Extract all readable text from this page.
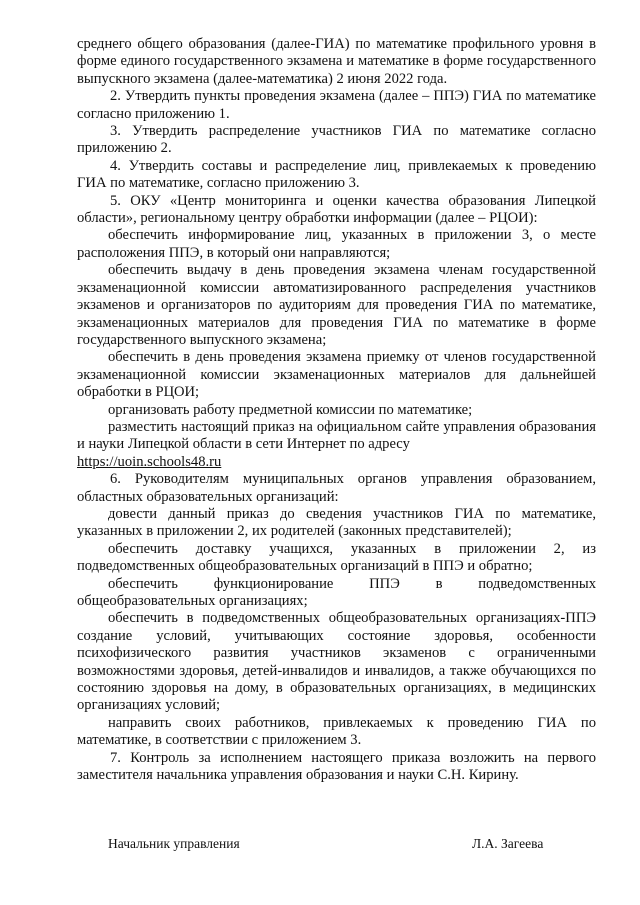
среднего общего образования (далее-ГИА) по математике профильного уровня в форме единого государственного экзамена и математике в форме государственного выпускного экзамена (далее-математика) 2 июня 2022 года.

2. Утвердить пункты проведения экзамена (далее – ППЭ) ГИА по математике согласно приложению 1.

3. Утвердить распределение участников ГИА по математике согласно приложению 2.

4. Утвердить составы и распределение лиц, привлекаемых к проведению ГИА по математике, согласно приложению 3.

5. ОКУ «Центр мониторинга и оценки качества образования Липецкой области», региональному центру обработки информации (далее – РЦОИ):

обеспечить информирование лиц, указанных в приложении 3, о месте расположения ППЭ, в который они направляются;

обеспечить выдачу в день проведения экзамена членам государственной экзаменационной комиссии автоматизированного распределения участников экзаменов и организаторов по аудиториям для проведения ГИА по математике, экзаменационных материалов для проведения ГИА по математике в форме государственного выпускного экзамена;

обеспечить в день проведения экзамена приемку от членов государственной экзаменационной комиссии экзаменационных материалов для дальнейшей обработки в РЦОИ;

организовать работу предметной комиссии по математике;

разместить настоящий приказ на официальном сайте управления образования и науки Липецкой области в сети Интернет по адресу

https://uoin.schools48.ru

6. Руководителям муниципальных органов управления образованием, областных образовательных организаций:

довести данный приказ до сведения участников ГИА по математике, указанных в приложении 2, их родителей (законных представителей);

обеспечить доставку учащихся, указанных в приложении 2, из подведомственных общеобразовательных организаций в ППЭ и обратно;

обеспечить функционирование ППЭ в подведомственных общеобразовательных организациях;

обеспечить в подведомственных общеобразовательных организациях-ППЭ создание условий, учитывающих состояние здоровья, особенности психофизического развития участников экзаменов с ограниченными возможностями здоровья, детей-инвалидов и инвалидов, а также обучающихся по состоянию здоровья на дому, в образовательных организациях, в медицинских организациях условий;

направить своих работников, привлекаемых к проведению ГИА по математике, в соответствии с приложением 3.

7. Контроль за исполнением настоящего приказа возложить на первого заместителя начальника управления образования и науки С.Н. Кирину.

Начальник управления	Л.А. Загеева
